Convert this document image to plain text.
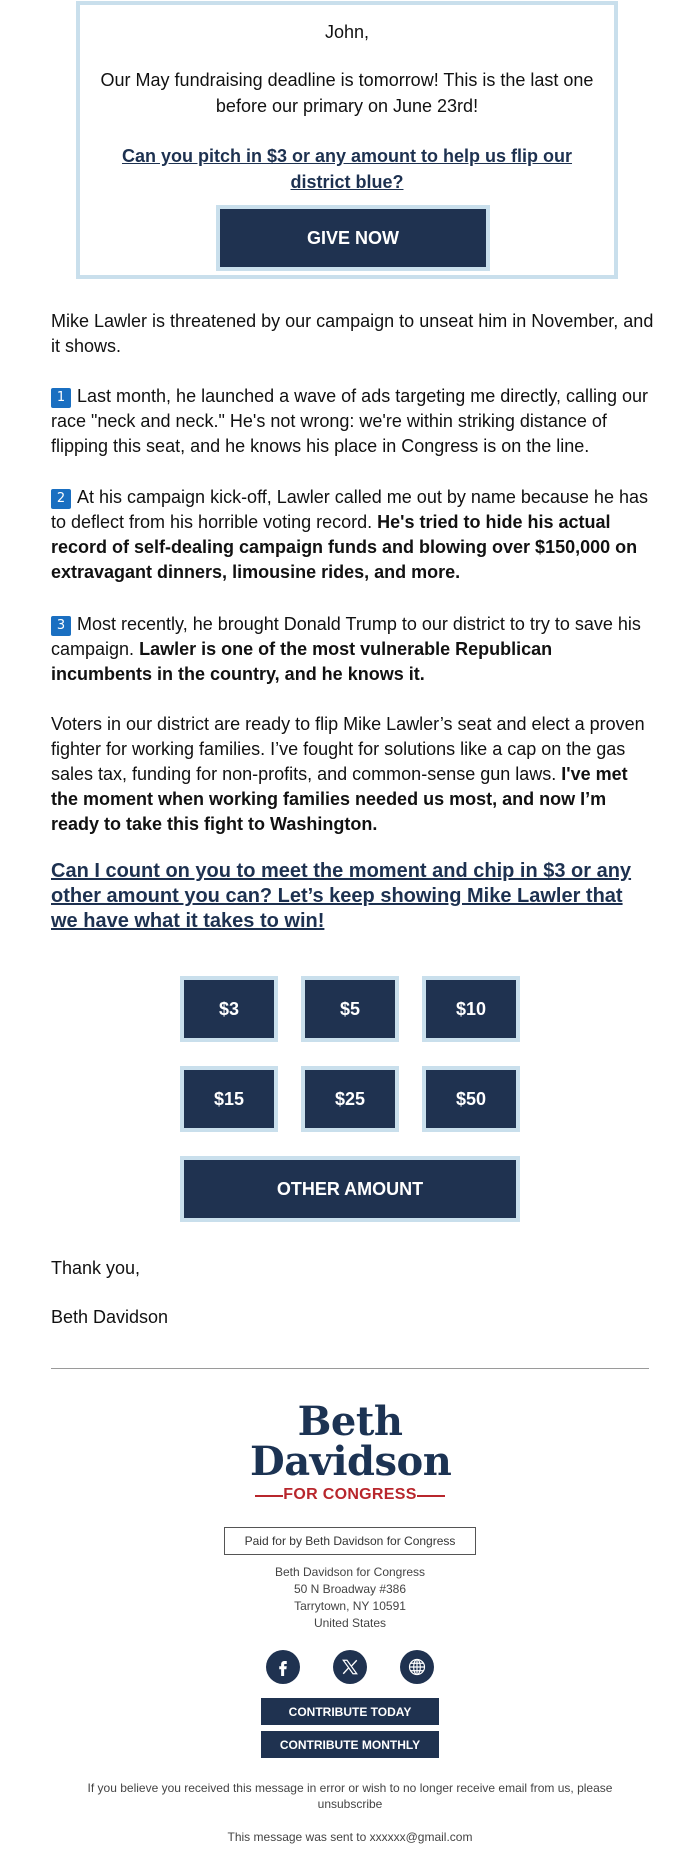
John,
Our May fundraising deadline is tomorrow! This is the last one before our primary on June 23rd!
Can you pitch in $3 or any amount to help us flip our district blue?
GIVE NOW
Mike Lawler is threatened by our campaign to unseat him in November, and it shows.
1 Last month, he launched a wave of ads targeting me directly, calling our race "neck and neck." He's not wrong: we're within striking distance of flipping this seat, and he knows his place in Congress is on the line.
2 At his campaign kick-off, Lawler called me out by name because he has to deflect from his horrible voting record. He's tried to hide his actual record of self-dealing campaign funds and blowing over $150,000 on extravagant dinners, limousine rides, and more.
3 Most recently, he brought Donald Trump to our district to try to save his campaign. Lawler is one of the most vulnerable Republican incumbents in the country, and he knows it.
Voters in our district are ready to flip Mike Lawler’s seat and elect a proven fighter for working families. I’ve fought for solutions like a cap on the gas sales tax, funding for non-profits, and common-sense gun laws. I've met the moment when working families needed us most, and now I’m ready to take this fight to Washington.
Can I count on you to meet the moment and chip in $3 or any other amount you can? Let’s keep showing Mike Lawler that we have what it takes to win!
$3	$5	$10
$15	$25	$50
OTHER AMOUNT
Thank you,
Beth Davidson
Beth
Davidson
FOR CONGRESS
Paid for by Beth Davidson for Congress
Beth Davidson for Congress
50 N Broadway #386
Tarrytown, NY 10591
United States
CONTRIBUTE TODAY
CONTRIBUTE MONTHLY
If you believe you received this message in error or wish to no longer receive email from us, please
unsubscribe
This message was sent to xxxxxx@gmail.com
